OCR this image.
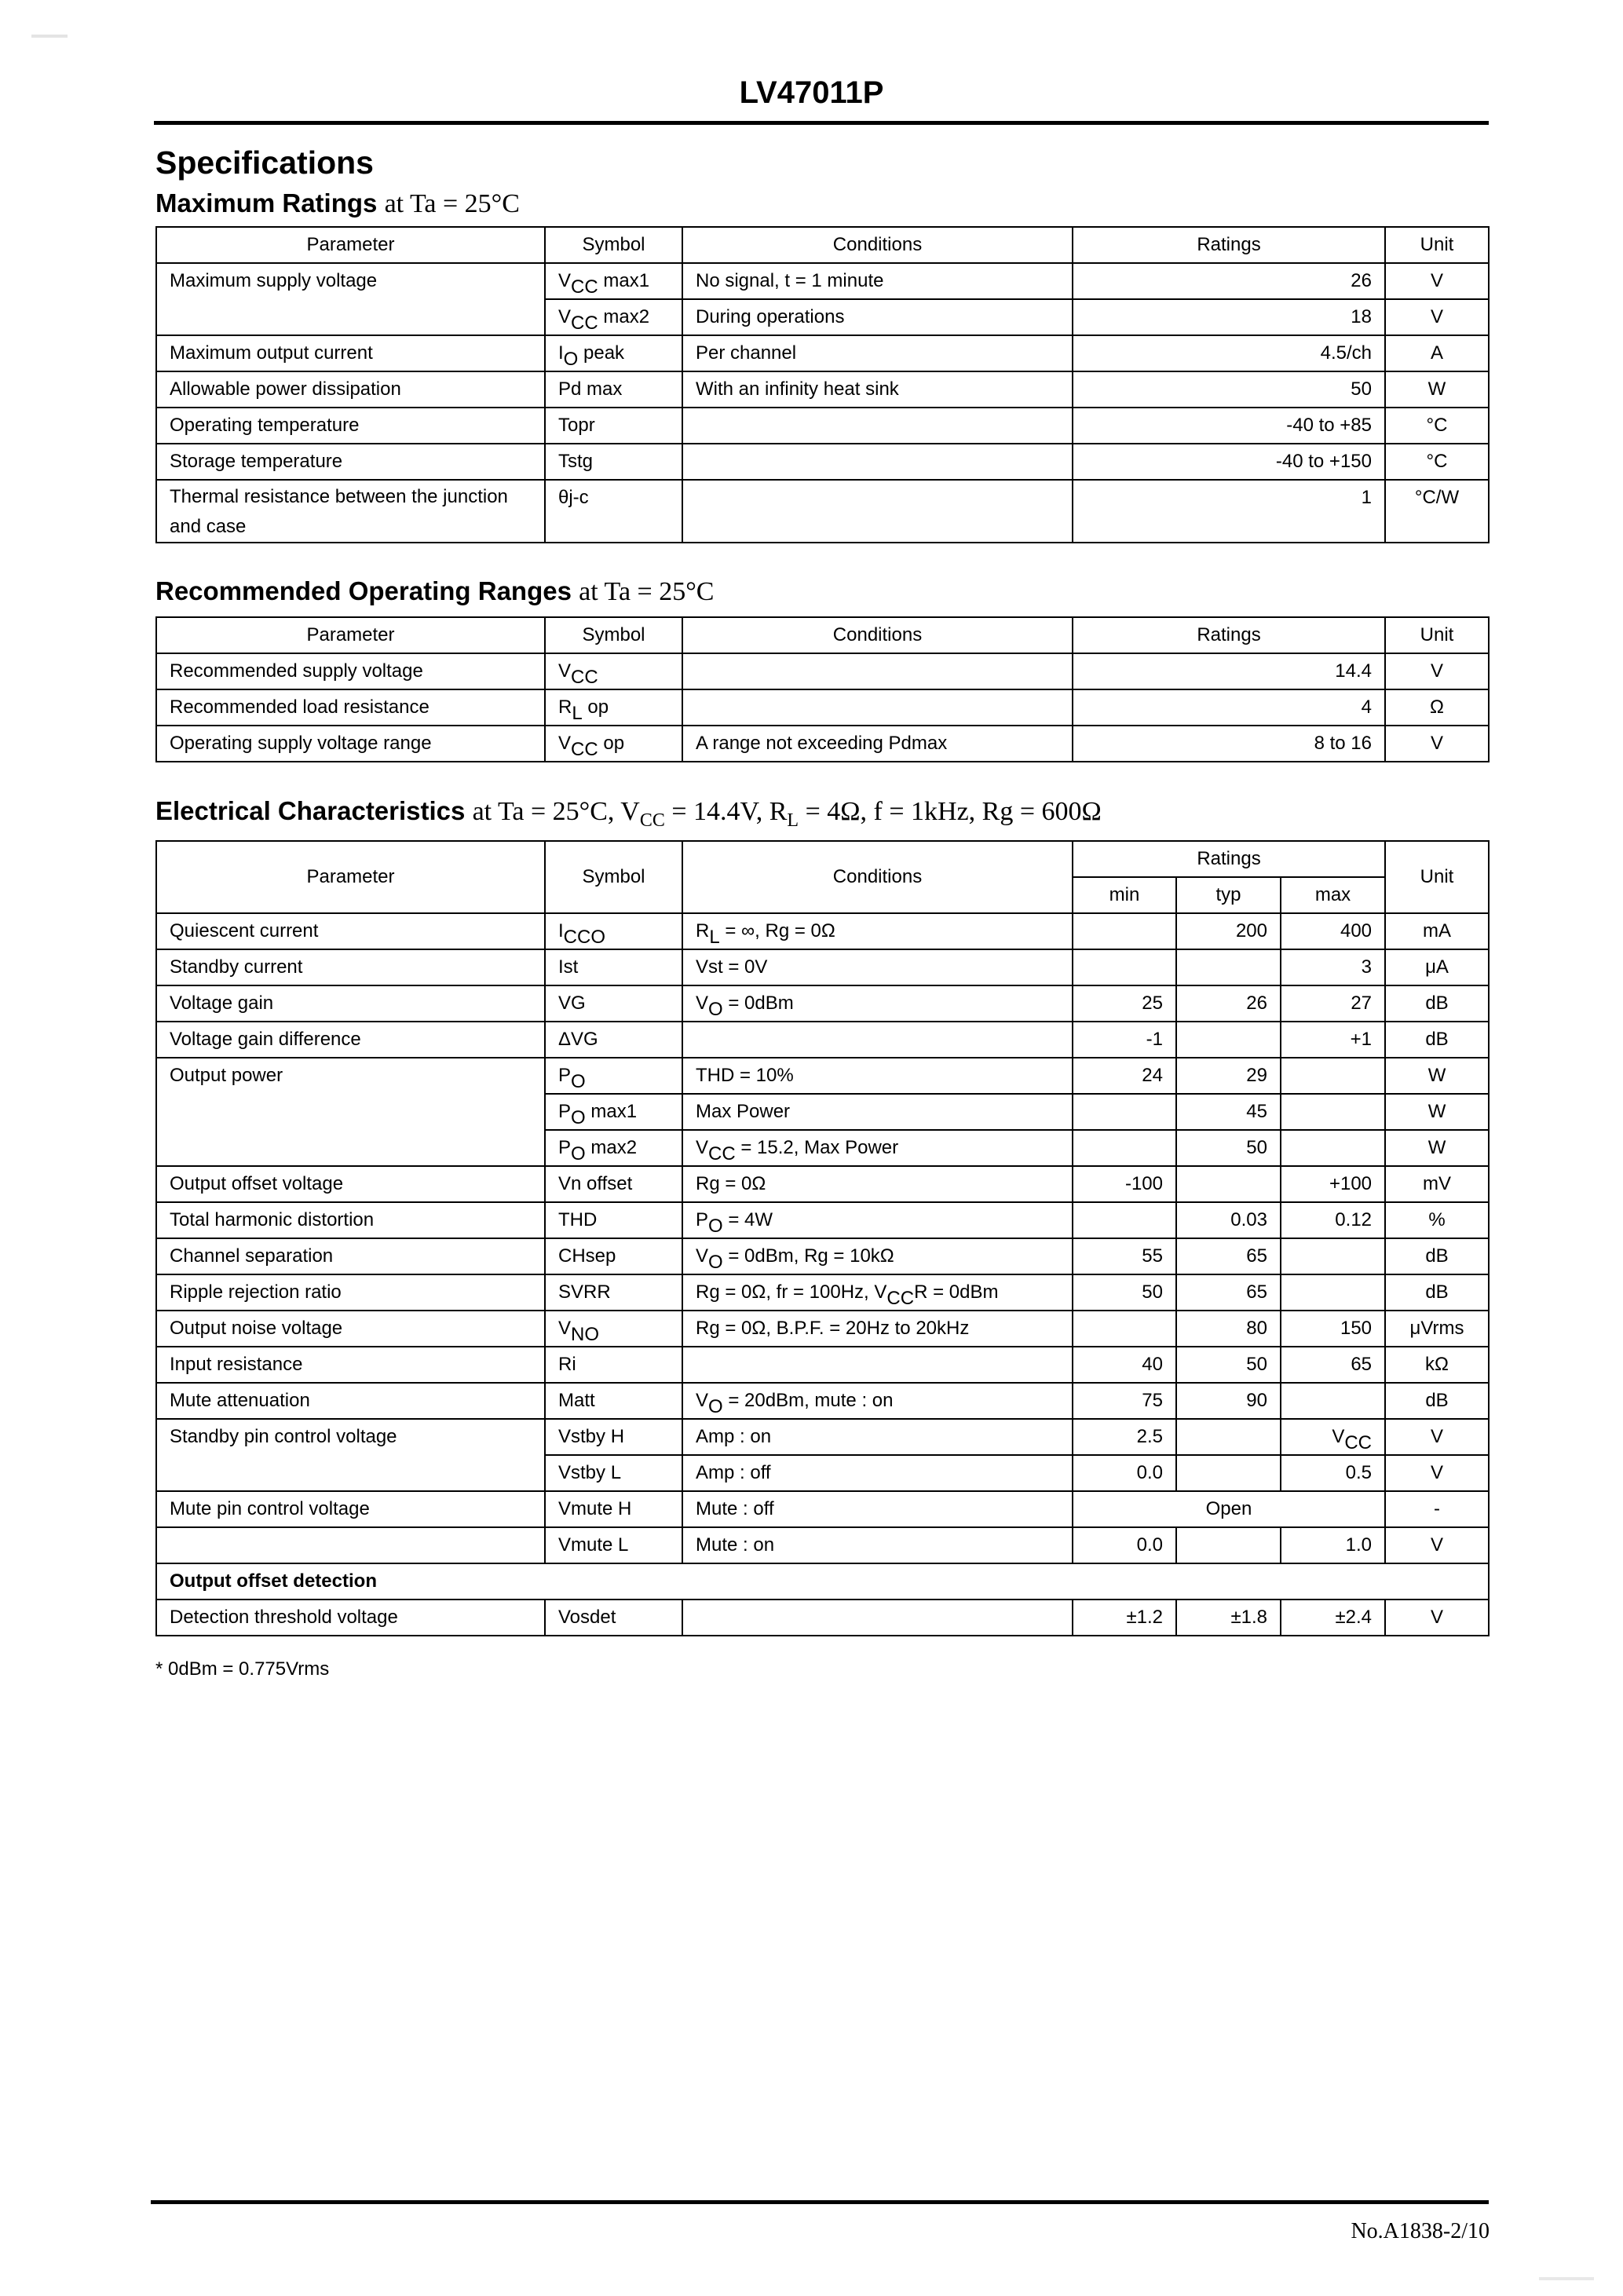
LV47011P
Specifications
Maximum Ratings at Ta = 25°C
Parameter	Symbol	Conditions	Ratings	Unit
Maximum supply voltage	$V_{CC}$ max1	No signal, t = 1 minute	26	V
	$V_{CC}$ max2	During operations	18	V
Maximum output current	$I_O$ peak	Per channel	4.5/ch	A
Allowable power dissipation	Pd max	With an infinity heat sink	50	W
Operating temperature	Topr		-40 to +85	°C
Storage temperature	Tstg		-40 to +150	°C
Thermal resistance between the junction and case	θj-c		1	°C/W
Recommended Operating Ranges at Ta = 25°C
Parameter	Symbol	Conditions	Ratings	Unit
Recommended supply voltage	$V_{CC}$		14.4	V
Recommended load resistance	$R_L$ op		4	Ω
Operating supply voltage range	$V_{CC}$ op	A range not exceeding Pdmax	8 to 16	V
Electrical Characteristics at Ta = 25°C, $V_{CC} = 14.4V$, $R_L = 4\Omega$, f = 1kHz, Rg = 600Ω
Parameter	Symbol	Conditions	Ratings			Unit
			min	typ	max	
Quiescent current	$I_{CCO}$	$R_L$ = ∞, Rg = 0Ω		200	400	mA
Standby current	Ist	Vst = 0V			3	μA
Voltage gain	VG	$V_O = 0dBm$	25	26	27	dB
Voltage gain difference	ΔVG		-1		+1	dB
Output power	$P_O$	THD = 10%	24	29		W
	$P_O$ max1	Max Power		45		W
	$P_O$ max2	$V_{CC} = 15.2$, Max Power		50		W
Output offset voltage	Vn offset	Rg = 0Ω	-100		+100	mV
Total harmonic distortion	THD	$P_O = 4W$		0.03	0.12	%
Channel separation	CHsep	$V_O = 0dBm$, Rg = 10kΩ	55	65		dB
Ripple rejection ratio	SVRR	Rg = 0Ω, fr = 100Hz, $V_{CC}R = 0dBm$	50	65		dB
Output noise voltage	$V_{NO}$	Rg = 0Ω, B.P.F. = 20Hz to 20kHz		80	150	μVrms
Input resistance	Ri		40	50	65	kΩ
Mute attenuation	Matt	$V_O = 20dBm$, mute : on	75	90		dB
Standby pin control voltage	Vstby H	Amp : on	2.5		$V_{CC}$	V
	Vstby L	Amp : off	0.0		0.5	V
Mute pin control voltage	Vmute H	Mute : off	Open			-
	Vmute L	Mute : on	0.0		1.0	V
Output offset detection						
Detection threshold voltage	Vosdet		±1.2	±1.8	±2.4	V
* 0dBm = 0.775Vrms
No.A1838-2/10
